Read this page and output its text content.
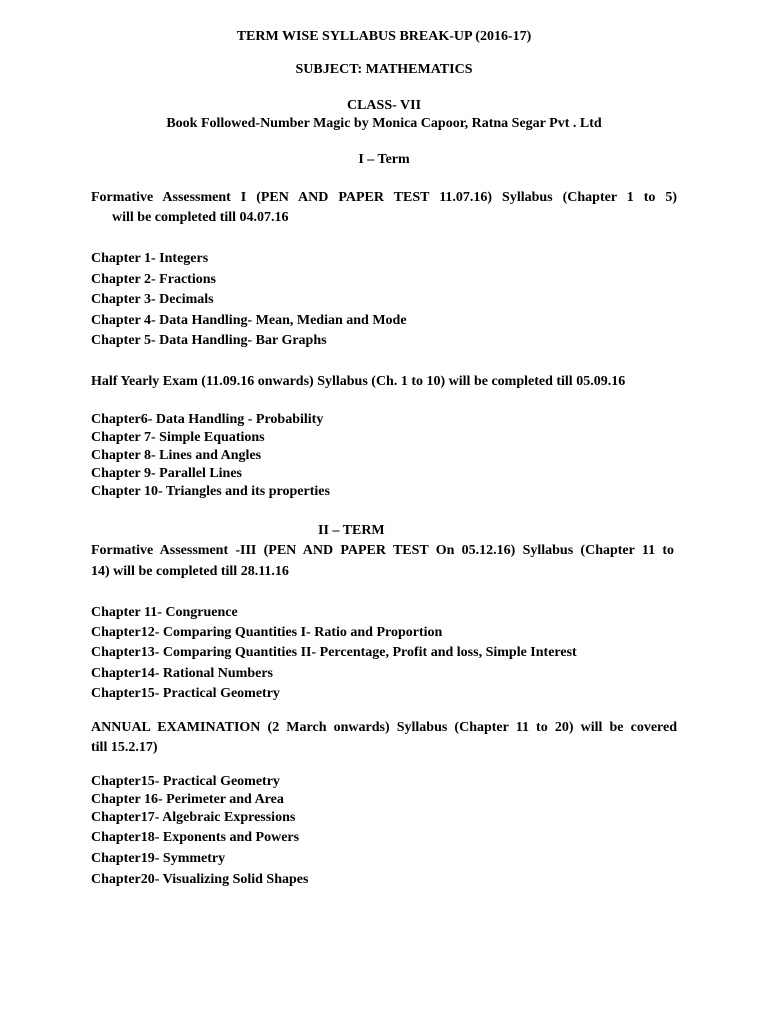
TERM WISE SYLLABUS BREAK-UP (2016-17)
SUBJECT: MATHEMATICS
CLASS- VII
Book Followed-Number Magic by Monica Capoor, Ratna Segar Pvt . Ltd
I – Term
Formative Assessment I (PEN AND PAPER TEST 11.07.16) Syllabus (Chapter 1 to 5)
will be completed till 04.07.16
Chapter 1- Integers
Chapter 2- Fractions
Chapter 3- Decimals
Chapter 4- Data Handling- Mean, Median and Mode
Chapter 5- Data Handling- Bar Graphs
Half Yearly Exam (11.09.16 onwards) Syllabus (Ch. 1 to 10) will be completed till 05.09.16
Chapter6- Data Handling - Probability
Chapter 7- Simple Equations
Chapter 8- Lines and Angles
Chapter 9- Parallel Lines
Chapter 10- Triangles and its properties
II – TERM
Formative Assessment -III (PEN AND PAPER TEST On 05.12.16) Syllabus (Chapter 11 to
14) will be completed till 28.11.16
Chapter 11- Congruence
Chapter12- Comparing Quantities I- Ratio and Proportion
Chapter13- Comparing Quantities II- Percentage, Profit and loss, Simple Interest
Chapter14- Rational Numbers
Chapter15- Practical Geometry
ANNUAL EXAMINATION (2 March onwards) Syllabus (Chapter 11 to 20) will be covered
till 15.2.17)
Chapter15- Practical Geometry
Chapter 16- Perimeter and Area
Chapter17- Algebraic Expressions
Chapter18- Exponents and Powers
Chapter19- Symmetry
Chapter20- Visualizing Solid Shapes
